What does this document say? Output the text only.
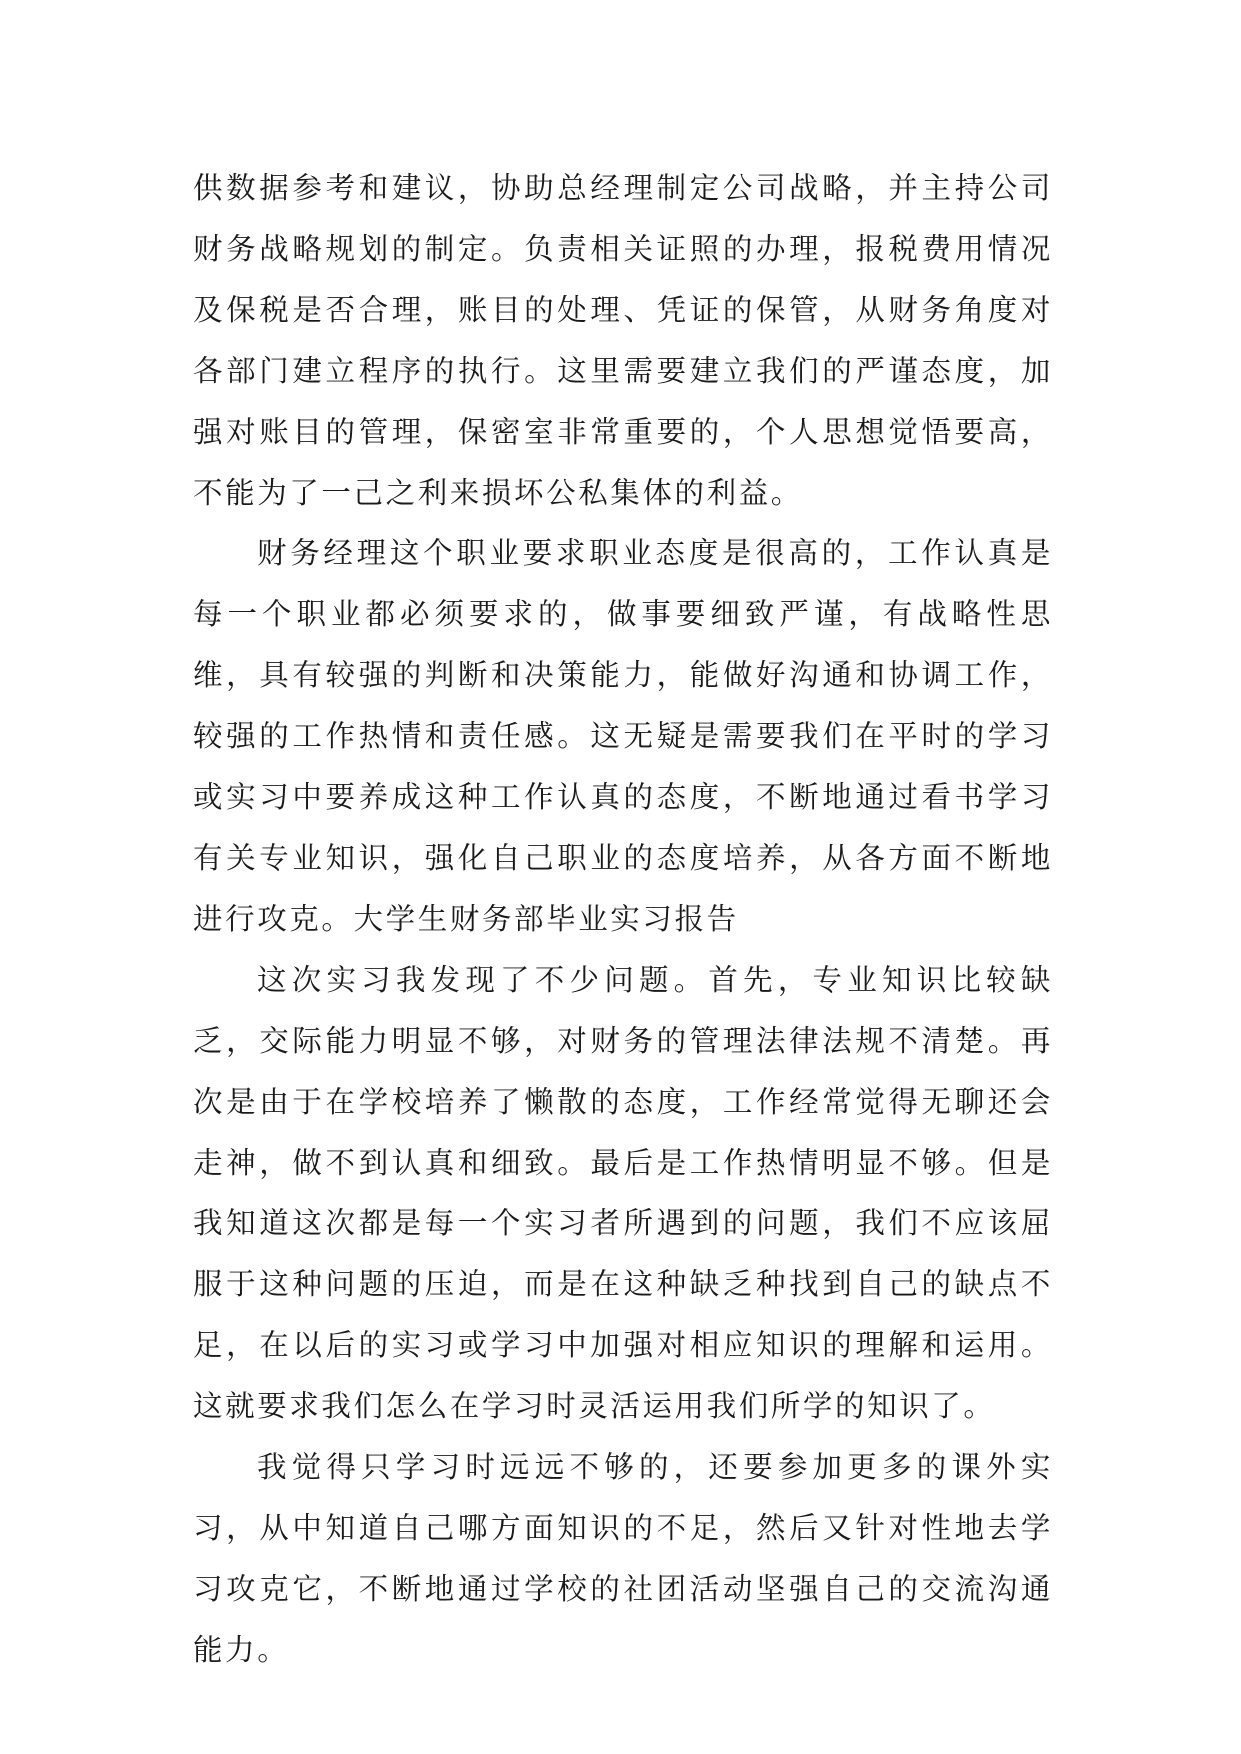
供数据参考和建议，协助总经理制定公司战略，并主持公司财务战略规划的制定。负责相关证照的办理，报税费用情况及保税是否合理，账目的处理、凭证的保管，从财务角度对各部门建立程序的执行。这里需要建立我们的严谨态度，加强对账目的管理，保密室非常重要的，个人思想觉悟要高，不能为了一己之利来损坏公私集体的利益。

财务经理这个职业要求职业态度是很高的，工作认真是每一个职业都必须要求的，做事要细致严谨，有战略性思维，具有较强的判断和决策能力，能做好沟通和协调工作，较强的工作热情和责任感。这无疑是需要我们在平时的学习或实习中要养成这种工作认真的态度，不断地通过看书学习有关专业知识，强化自己职业的态度培养，从各方面不断地进行攻克。大学生财务部毕业实习报告

这次实习我发现了不少问题。首先，专业知识比较缺乏，交际能力明显不够，对财务的管理法律法规不清楚。再次是由于在学校培养了懒散的态度，工作经常觉得无聊还会走神，做不到认真和细致。最后是工作热情明显不够。但是我知道这次都是每一个实习者所遇到的问题，我们不应该屈服于这种问题的压迫，而是在这种缺乏种找到自己的缺点不足，在以后的实习或学习中加强对相应知识的理解和运用。这就要求我们怎么在学习时灵活运用我们所学的知识了。

我觉得只学习时远远不够的，还要参加更多的课外实习，从中知道自己哪方面知识的不足，然后又针对性地去学习攻克它，不断地通过学校的社团活动坚强自己的交流沟通能力。
